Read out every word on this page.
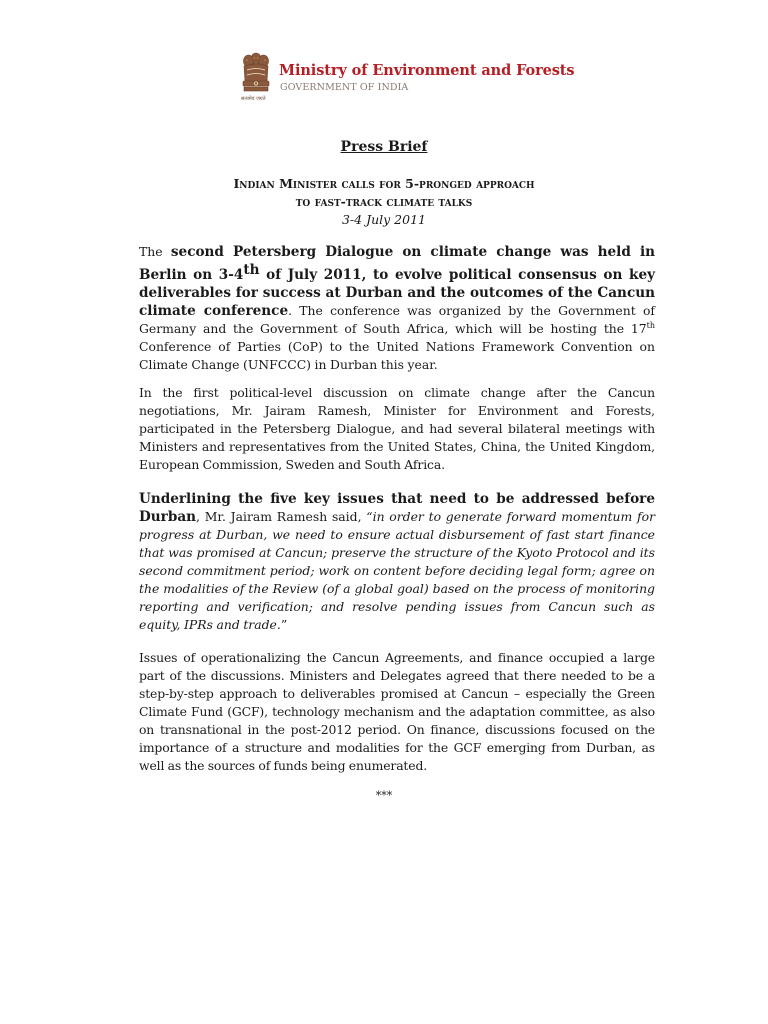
सत्यमेव जयते
Ministry of Environment and Forests
GOVERNMENT OF INDIA
Press Brief
Indian Minister calls for 5-pronged approach
to fast-track climate talks
3-4 July 2011
The second Petersberg Dialogue on climate change was held in Berlin on 3-4th of July 2011, to evolve political consensus on key deliverables for success at Durban and the outcomes of the Cancun climate conference. The conference was organized by the Government of Germany and the Government of South Africa, which will be hosting the 17th Conference of Parties (CoP) to the United Nations Framework Convention on Climate Change (UNFCCC) in Durban this year.
In the first political-level discussion on climate change after the Cancun negotiations, Mr. Jairam Ramesh, Minister for Environment and Forests, participated in the Petersberg Dialogue, and had several bilateral meetings with Ministers and representatives from the United States, China, the United Kingdom, European Commission, Sweden and South Africa.
Underlining the five key issues that need to be addressed before Durban, Mr. Jairam Ramesh said, “in order to generate forward momentum for progress at Durban, we need to ensure actual disbursement of fast start finance that was promised at Cancun; preserve the structure of the Kyoto Protocol and its second commitment period; work on content before deciding legal form; agree on the modalities of the Review (of a global goal) based on the process of monitoring reporting and verification; and resolve pending issues from Cancun such as equity, IPRs and trade.”
Issues of operationalizing the Cancun Agreements, and finance occupied a large part of the discussions. Ministers and Delegates agreed that there needed to be a step-by-step approach to deliverables promised at Cancun – especially the Green Climate Fund (GCF), technology mechanism and the adaptation committee, as also on transnational in the post-2012 period. On finance, discussions focused on the importance of a structure and modalities for the GCF emerging from Durban, as well as the sources of funds being enumerated.
***
